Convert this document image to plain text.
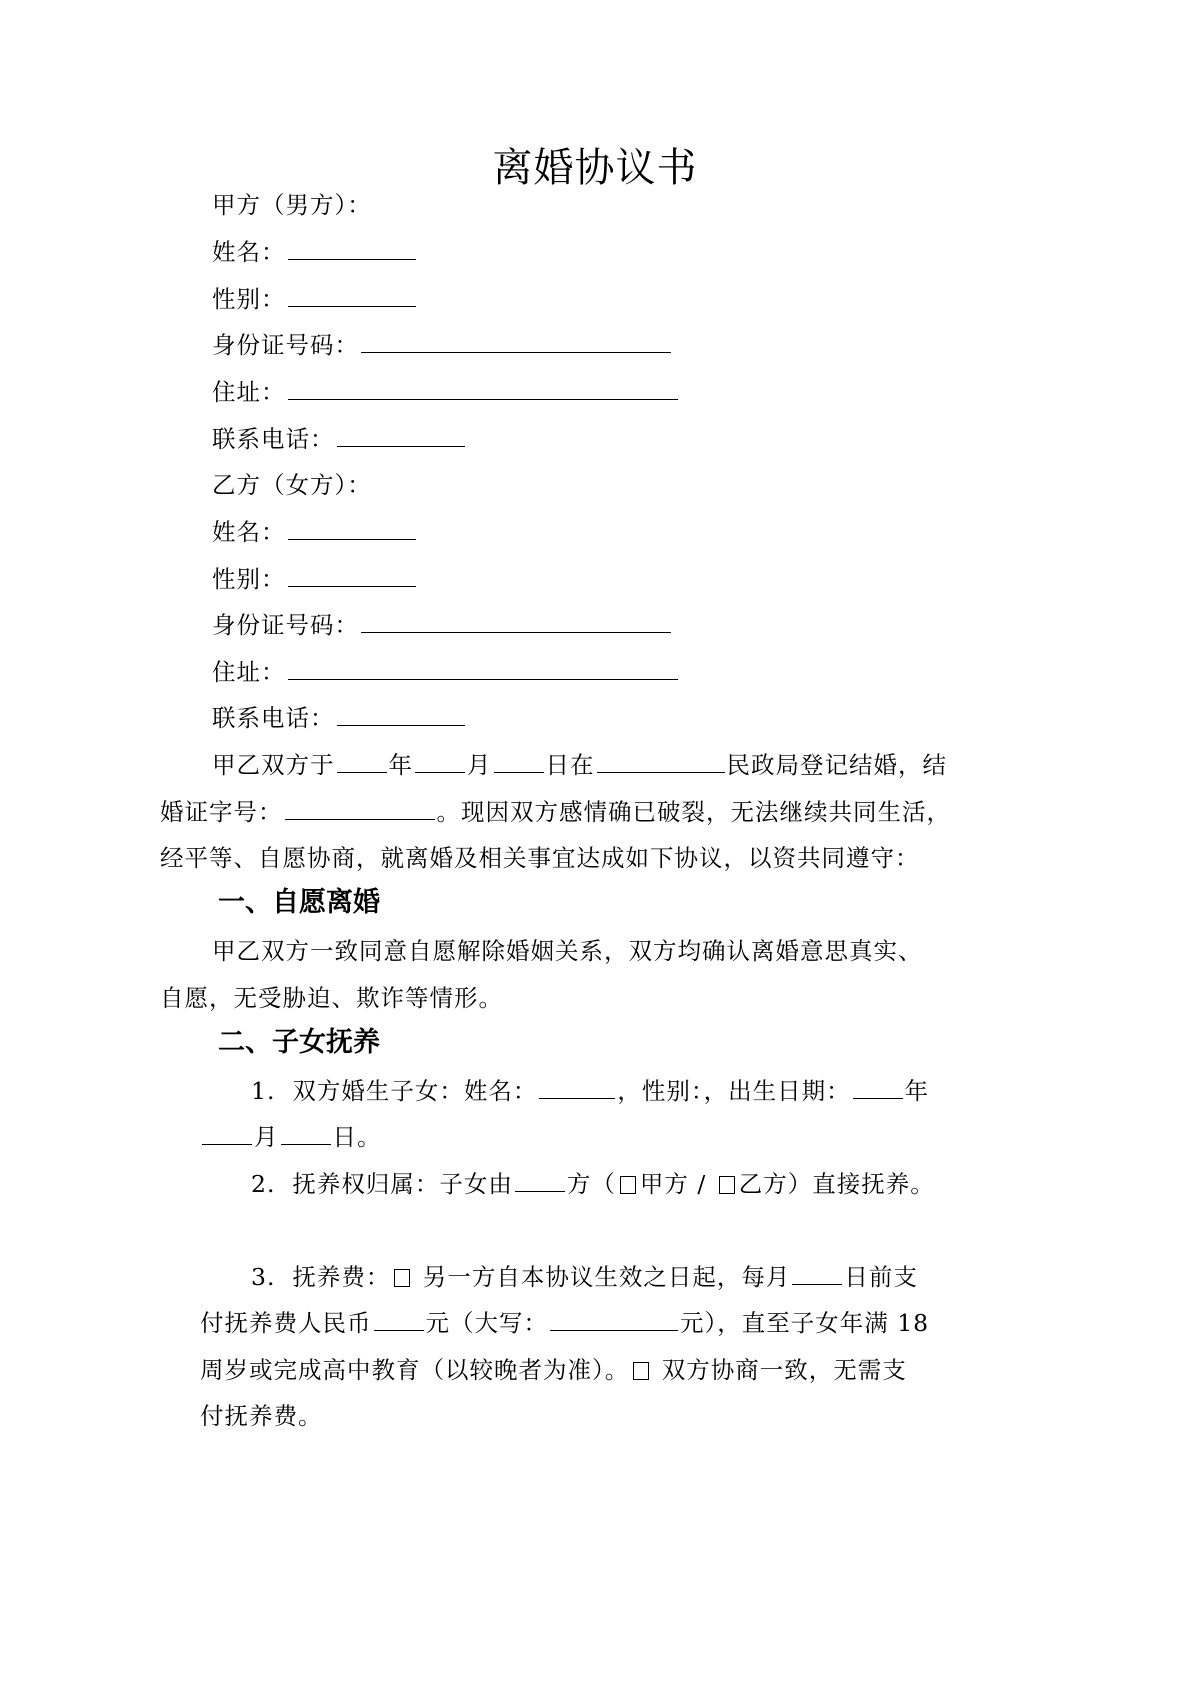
离婚协议书
甲方（男方）：
姓名：
性别：
身份证号码：
住址：
联系电话：
乙方（女方）：
姓名：
性别：
身份证号码：
住址：
联系电话：
甲乙双方于 年 月 日在	民政局登记结婚，结
婚证字号：	。现因双方感情确已破裂，无法继续共同生活，
经平等、自愿协商，就离婚及相关事宜达成如下协议，以资共同遵守：
一、自愿离婚
甲乙双方一致同意自愿解除婚姻关系，双方均确认离婚意思真实、
自愿，无受胁迫、欺诈等情形。
二、子女抚养
1. 双方婚生子女：姓名：	，性别：，出生日期： 年
月 日。
2. 抚养权归属：子女由 方（ 甲方 / 乙方）直接抚养。
3. 抚养费： 另一方自本协议生效之日起，每月 日前支
付抚养费人民币 元（大写：	元），直至子女年满 18
周岁或完成高中教育（以较晚者为准）。 双方协商一致，无需支
付抚养费。
